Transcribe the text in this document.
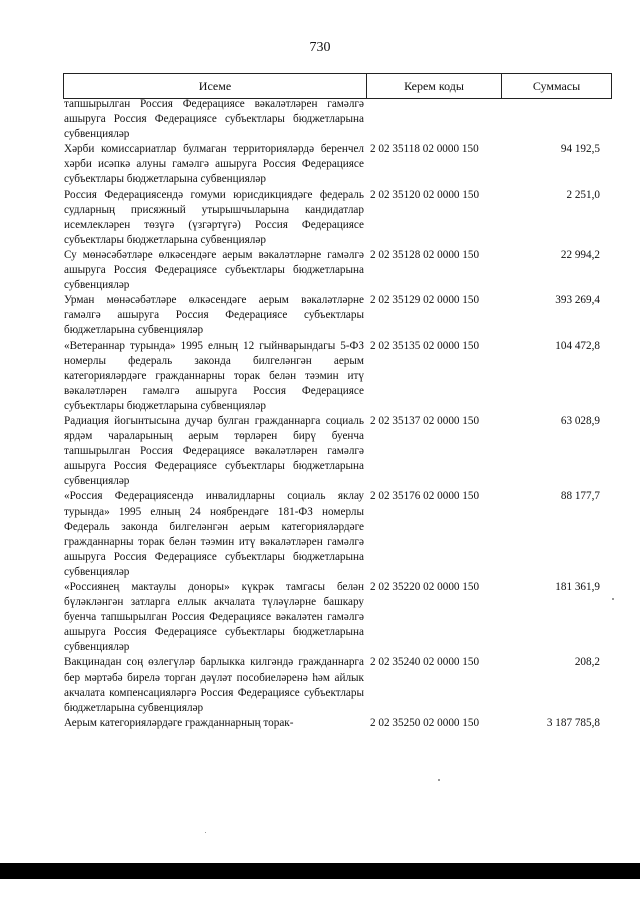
730
Исеме	Керем коды	Суммасы
тапшырылган Россия Федерациясе вәкаләтләрен гамәлгә ашыруга Россия Федерациясе субъектлары бюджетларына субвенцияләр
Хәрби комиссариатлар булмаган территорияләрдә беренчел хәрби исәпкә алуны гамәлгә ашыруга Россия Федерациясе субъектлары бюджетларына субвенцияләр
2 02 35118 02 0000 150	94 192,5
Россия Федерациясендә гомуми юрисдикциядәге федераль судларның присяжный утырышчыларына кандидатлар исемлекләрен төзүгә (үзгәртүгә) Россия Федерациясе субъектлары бюджетларына субвенцияләр
2 02 35120 02 0000 150	2 251,0
Су мөнәсәбәтләре өлкәсендәге аерым вәкаләтләрне гамәлгә ашыруга Россия Федерациясе субъектлары бюджетларына субвенцияләр
2 02 35128 02 0000 150	22 994,2
Урман мөнәсәбәтләре өлкәсендәге аерым вәкаләтләрне гамәлгә ашыруга Россия Федерациясе субъектлары бюджетларына субвенцияләр
2 02 35129 02 0000 150	393 269,4
«Ветераннар турында» 1995 елның 12 гыйнварындагы 5-ФЗ номерлы федераль законда билгеләнгән аерым категорияләрдәге гражданнарны торак белән тәэмин итү вәкаләтләрен гамәлгә ашыруга Россия Федерациясе субъектлары бюджетларына субвенцияләр
2 02 35135 02 0000 150	104 472,8
Радиация йогынтысына дучар булган гражданнарга социаль ярдәм чараларының аерым төрләрен бирү буенча тапшырылган Россия Федерациясе вәкаләтләрен гамәлгә ашыруга Россия Федерациясе субъектлары бюджетларына субвенцияләр
2 02 35137 02 0000 150	63 028,9
«Россия Федерациясендә инвалидларны социаль яклау турында» 1995 елның 24 ноябрендәге 181-ФЗ номерлы Федераль законда билгеләнгән аерым категорияләрдәге гражданнарны торак белән тәэмин итү вәкаләтләрен гамәлгә ашыруга Россия Федерациясе субъектлары бюджетларына субвенцияләр
2 02 35176 02 0000 150	88 177,7
«Россиянең мактаулы доноры» күкрәк тамгасы белән бүләкләнгән затларга еллык акчалата түләүләрне башкару буенча тапшырылган Россия Федерациясе вәкаләтен гамәлгә ашыруга Россия Федерациясе субъектлары бюджетларына субвенцияләр
2 02 35220 02 0000 150	181 361,9
Вакцинадан соң өзлегүләр барлыкка килгәндә гражданнарга бер мәртәбә бирелә торган дәүләт пособиеләренә һәм айлык акчалата компенсацияләргә Россия Федерациясе субъектлары бюджетларына субвенцияләр
2 02 35240 02 0000 150	208,2
Аерым категорияләрдәге гражданнарның торак-	2 02 35250 02 0000 150	3 187 785,8
